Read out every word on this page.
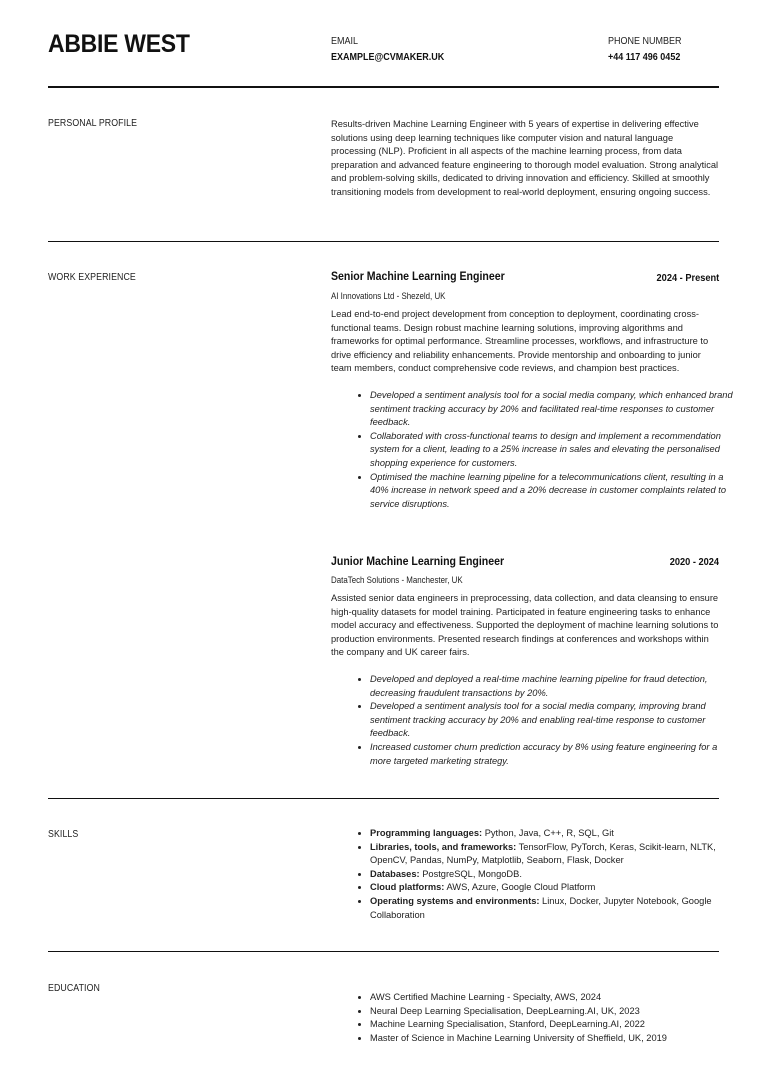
ABBIE WEST	EMAIL
EXAMPLE@CVMAKER.UK
PHONE NUMBER
+44 117 496 0452
PERSONAL PROFILE	Results-driven Machine Learning Engineer with 5 years of expertise in delivering effective solutions using deep learning techniques like computer vision and natural language processing (NLP). Proficient in all aspects of the machine learning process, from data preparation and advanced feature engineering to thorough model evaluation. Strong analytical and problem-solving skills, dedicated to driving innovation and efficiency. Skilled at smoothly transitioning models from development to real-world deployment, ensuring ongoing success.
WORK EXPERIENCE	Senior Machine Learning Engineer	2024 - Present
AI Innovations Ltd - Shezeld, UK
Lead end-to-end project development from conception to deployment, coordinating cross-functional teams. Design robust machine learning solutions, improving algorithms and frameworks for optimal performance. Streamline processes, workflows, and infrastructure to drive efficiency and reliability enhancements. Provide mentorship and onboarding to junior team members, conduct comprehensive code reviews, and champion best practices.
• Developed a sentiment analysis tool for a social media company, which enhanced brand sentiment tracking accuracy by 20% and facilitated real-time responses to customer feedback.
• Collaborated with cross-functional teams to design and implement a recommendation system for a client, leading to a 25% increase in sales and elevating the personalised shopping experience for customers.
• Optimised the machine learning pipeline for a telecommunications client, resulting in a 40% increase in network speed and a 20% decrease in customer complaints related to service disruptions.
Junior Machine Learning Engineer	2020 - 2024
DataTech Solutions - Manchester, UK
Assisted senior data engineers in preprocessing, data collection, and data cleansing to ensure high-quality datasets for model training. Participated in feature engineering tasks to enhance model accuracy and effectiveness. Supported the deployment of machine learning solutions to production environments. Presented research findings at conferences and workshops within the company and UK career fairs.
• Developed and deployed a real-time machine learning pipeline for fraud detection, decreasing fraudulent transactions by 20%.
• Developed a sentiment analysis tool for a social media company, improving brand sentiment tracking accuracy by 20% and enabling real-time response to customer feedback.
• Increased customer churn prediction accuracy by 8% using feature engineering for a more targeted marketing strategy.
SKILLS
•	Programming languages: Python, Java, C++, R, SQL, Git
• Libraries, tools, and frameworks: TensorFlow, PyTorch, Keras, Scikit-learn, NLTK, OpenCV, Pandas, NumPy, Matplotlib, Seaborn, Flask, Docker
• Databases: PostgreSQL, MongoDB.
• Cloud platforms: AWS, Azure, Google Cloud Platform
• Operating systems and environments: Linux, Docker, Jupyter Notebook, Google Collaboration
EDUCATION
• AWS Certified Machine Learning - Specialty, AWS, 2024
• Neural Deep Learning Specialisation, DeepLearning.AI, UK, 2023
• Machine Learning Specialisation, Stanford, DeepLearning.AI, 2022
• Master of Science in Machine Learning University of Sheffield, UK, 2019
